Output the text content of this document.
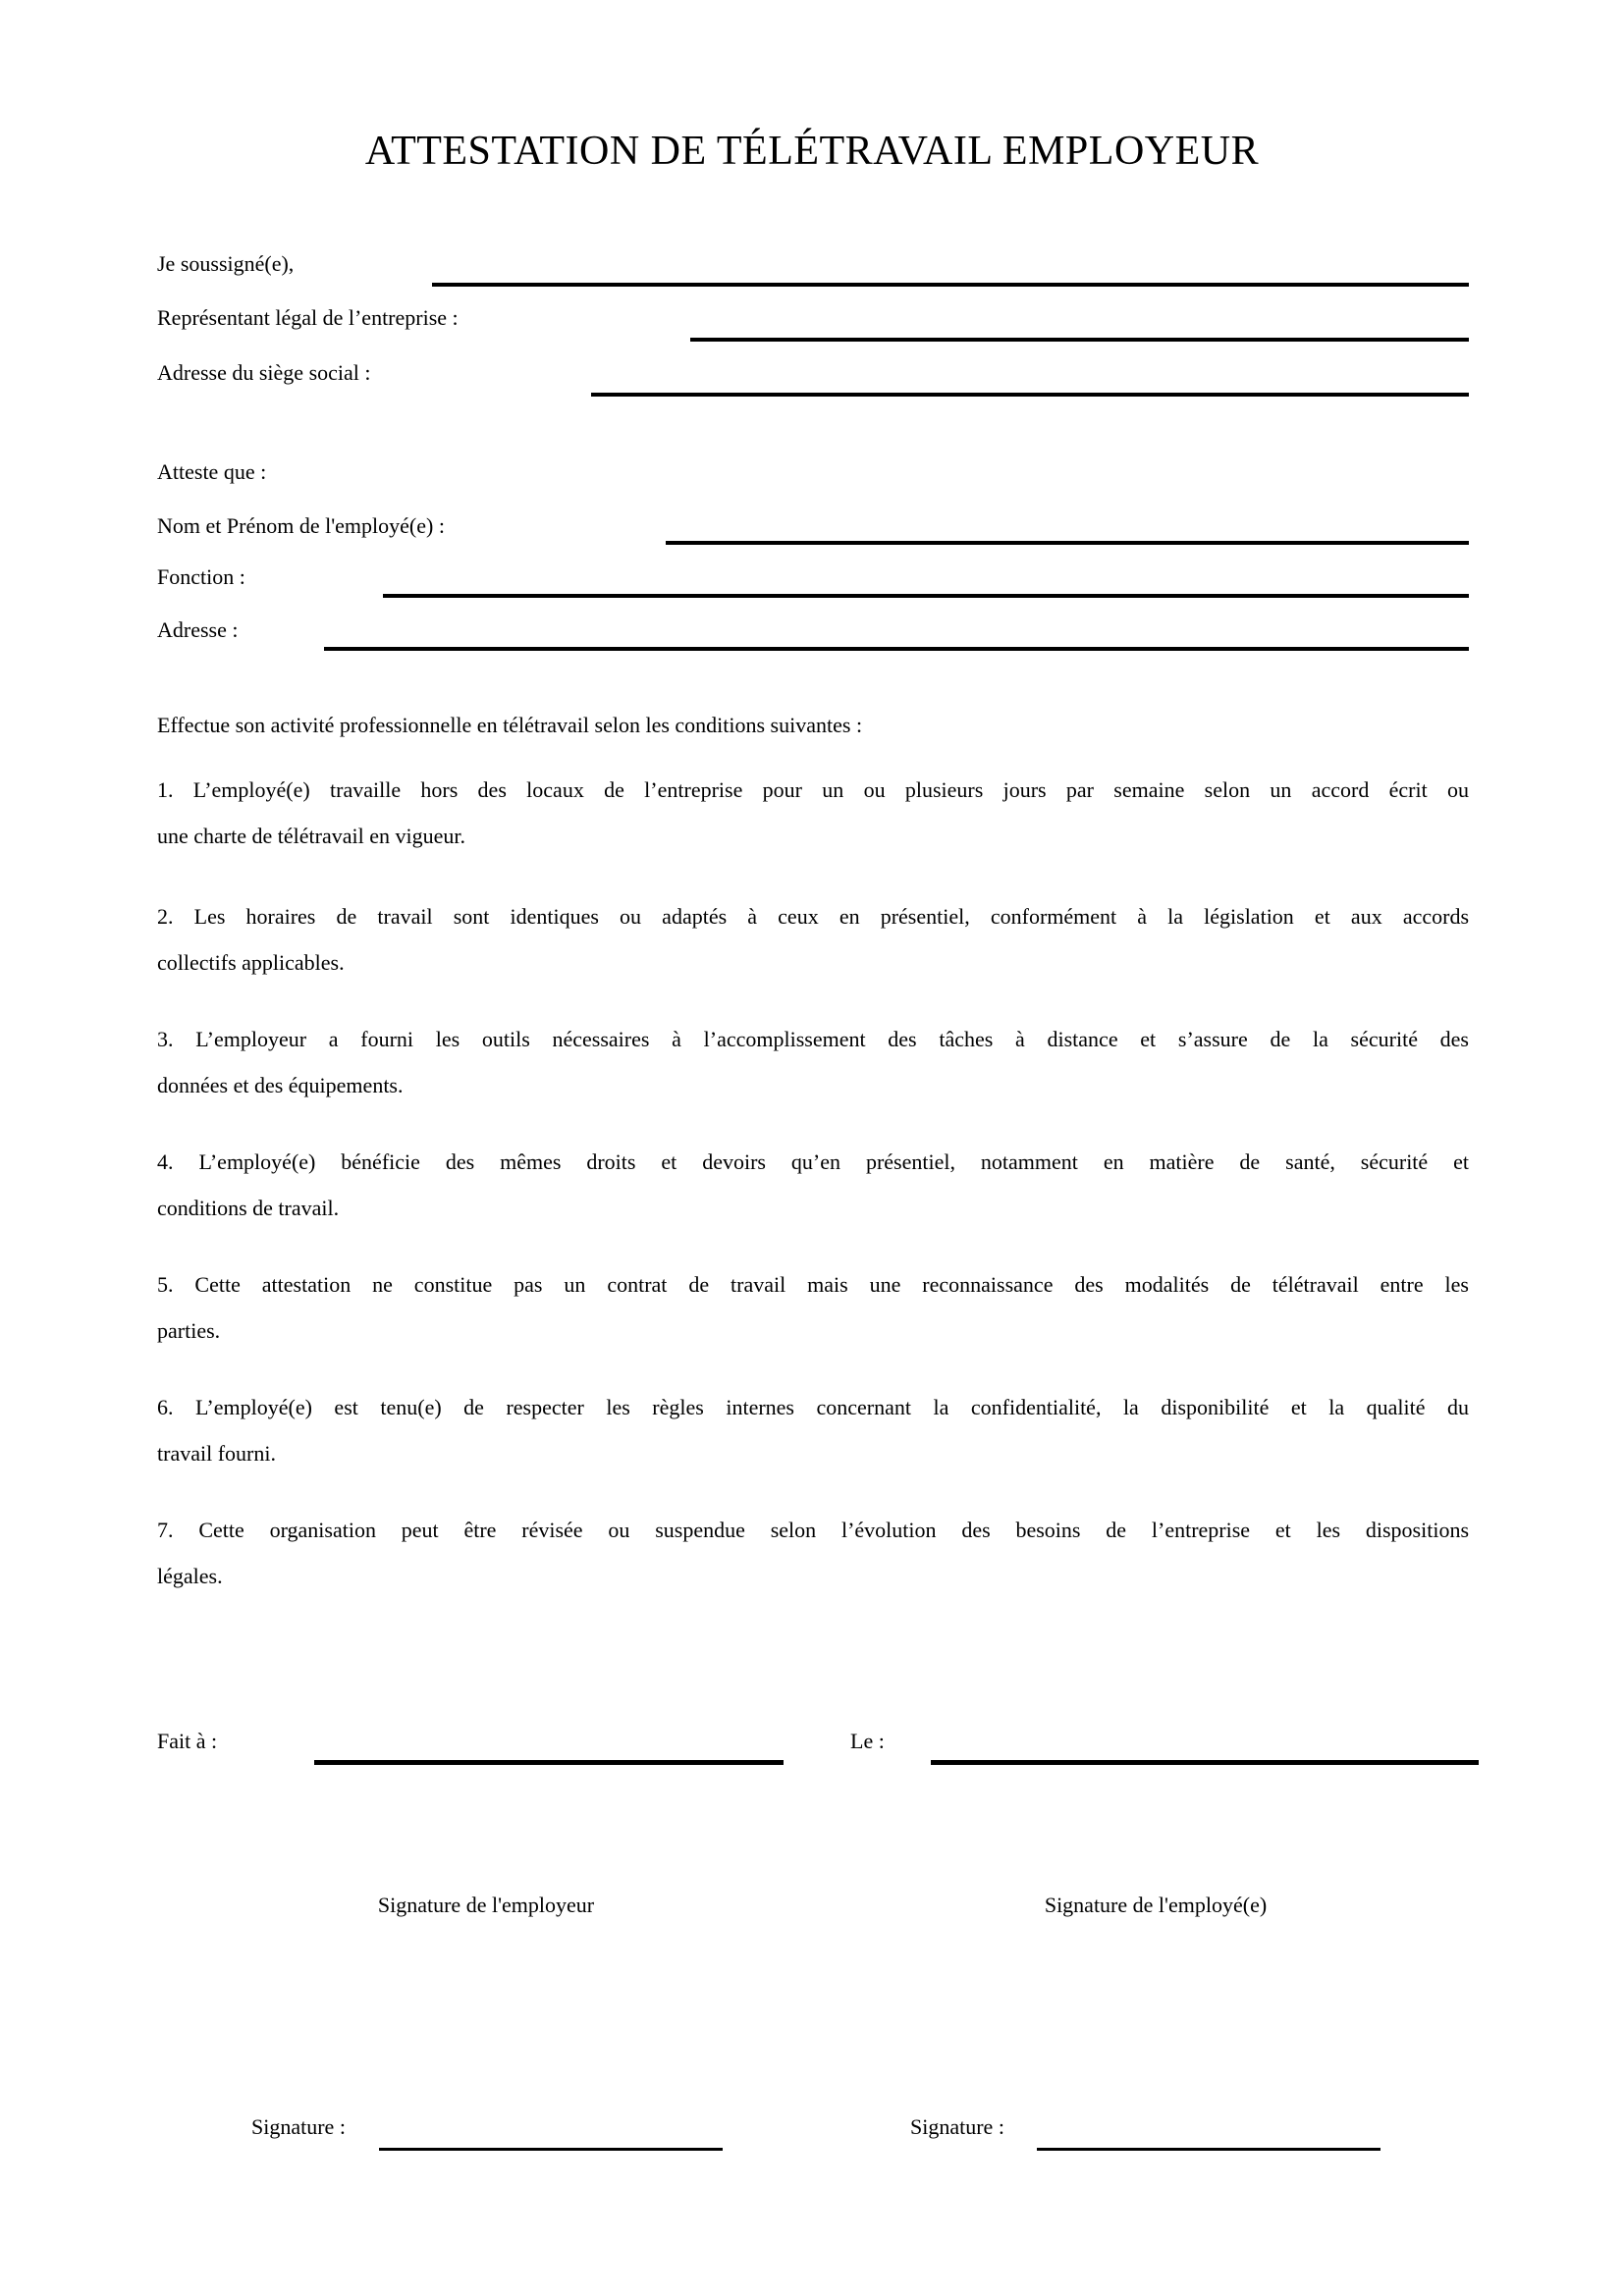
ATTESTATION DE TÉLÉTRAVAIL EMPLOYEUR
Je soussigné(e),
Représentant légal de l’entreprise :
Adresse du siège social :
Atteste que :
Nom et Prénom de l'employé(e) :
Fonction :
Adresse :
Effectue son activité professionnelle en télétravail selon les conditions suivantes :
1. L’employé(e) travaille hors des locaux de l’entreprise pour un ou plusieurs jours par semaine selon un accord écrit ou
une charte de télétravail en vigueur.
2. Les horaires de travail sont identiques ou adaptés à ceux en présentiel, conformément à la législation et aux accords
collectifs applicables.
3. L’employeur a fourni les outils nécessaires à l’accomplissement des tâches à distance et s’assure de la sécurité des
données et des équipements.
4. L’employé(e) bénéficie des mêmes droits et devoirs qu’en présentiel, notamment en matière de santé, sécurité et
conditions de travail.
5. Cette attestation ne constitue pas un contrat de travail mais une reconnaissance des modalités de télétravail entre les
parties.
6. L’employé(e) est tenu(e) de respecter les règles internes concernant la confidentialité, la disponibilité et la qualité du
travail fourni.
7. Cette organisation peut être révisée ou suspendue selon l’évolution des besoins de l’entreprise et les dispositions
légales.
Fait à :	Le :
Signature de l'employeur	Signature de l'employé(e)
Signature :	Signature :
